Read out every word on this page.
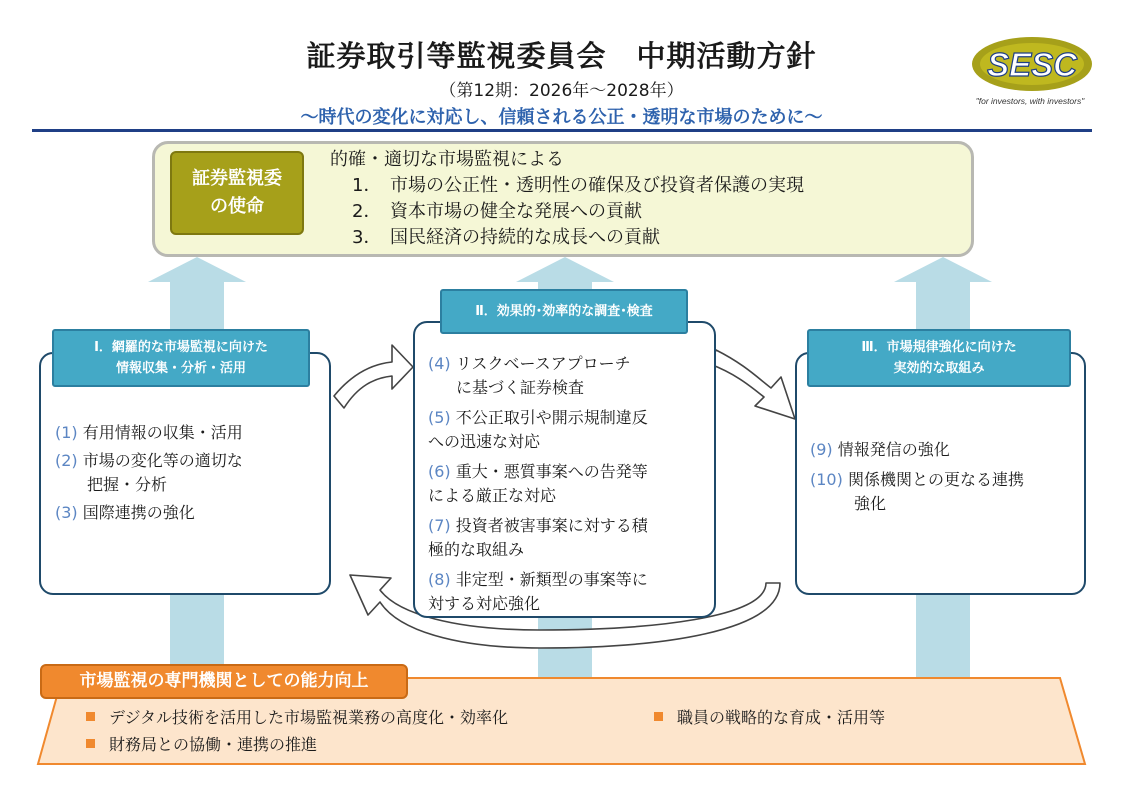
証券取引等監視委員会　中期活動方針
（第12期：2026年～2028年）
～時代の変化に対応し、信頼される公正・透明な市場のために～
SESC
"for investors, with investors"
証券監視委
の使命
的確・適切な市場監視による
1． 市場の公正性・透明性の確保及び投資者保護の実現
2． 資本市場の健全な発展への貢献
3． 国民経済の持続的な成長への貢献
Ⅰ．網羅的な市場監視に向けた
情報収集・分析・活用
(1) 有用情報の収集・活用
(2) 市場の変化等の適切な
把握・分析
(3) 国際連携の強化
Ⅱ．効果的･効率的な調査･検査
(4) リスクベースアプローチ
に基づく証券検査
(5) 不公正取引や開示規制違反
への迅速な対応
(6) 重大・悪質事案への告発等
による厳正な対応
(7) 投資者被害事案に対する積
極的な取組み
(8) 非定型・新類型の事案等に
対する対応強化
Ⅲ．市場規律強化に向けた
実効的な取組み
(9) 情報発信の強化
(10) 関係機関との更なる連携
強化
市場監視の専門機関としての能力向上
デジタル技術を活用した市場監視業務の高度化・効率化	職員の戦略的な育成・活用等
財務局との協働・連携の推進
